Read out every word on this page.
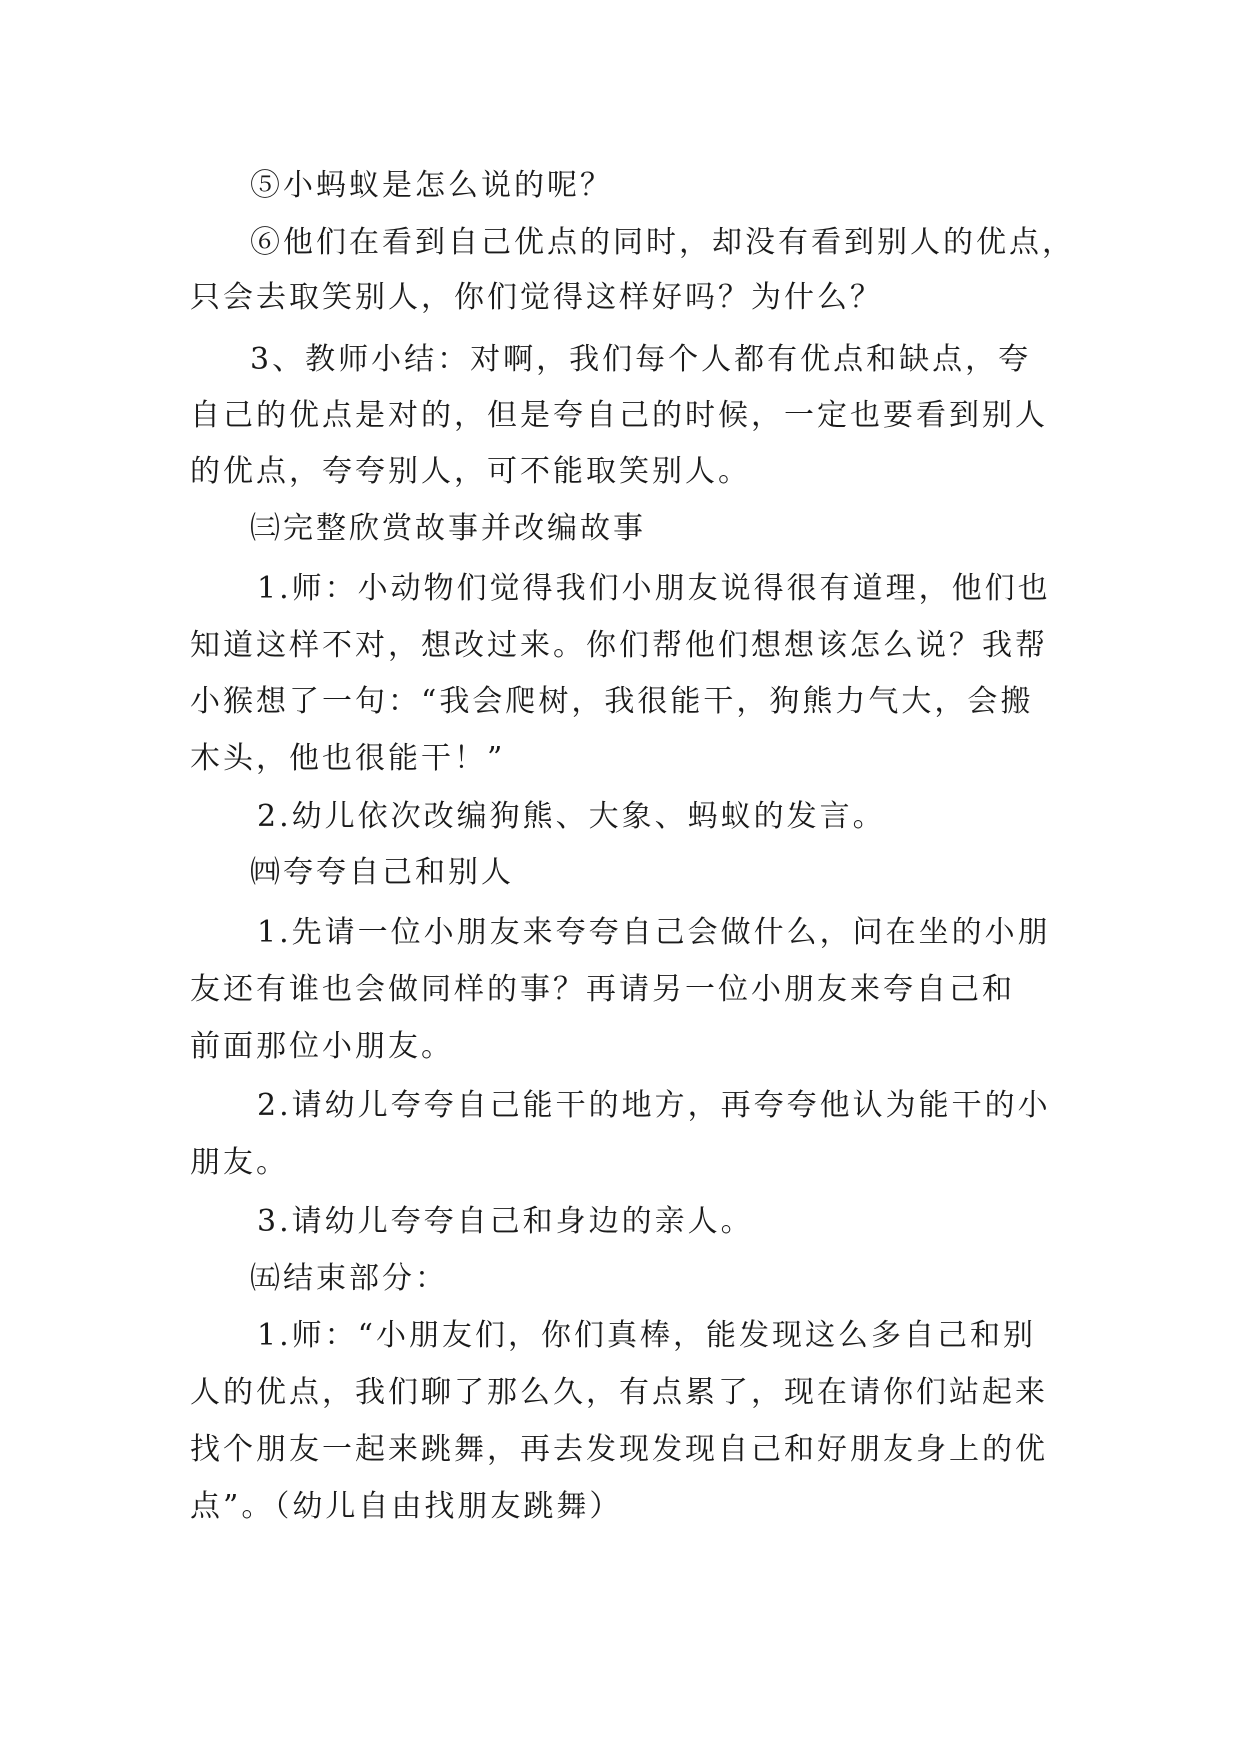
⑤小蚂蚁是怎么说的呢？
⑥他们在看到自己优点的同时，却没有看到别人的优点，
只会去取笑别人，你们觉得这样好吗？为什么？
3、教师小结：对啊，我们每个人都有优点和缺点，夸
自己的优点是对的，但是夸自己的时候，一定也要看到别人
的优点，夸夸别人，可不能取笑别人。
㈢完整欣赏故事并改编故事
1.师：小动物们觉得我们小朋友说得很有道理，他们也
知道这样不对，想改过来。你们帮他们想想该怎么说？我帮
小猴想了一句：“我会爬树，我很能干，狗熊力气大，会搬
木头，他也很能干！”
2.幼儿依次改编狗熊、大象、蚂蚁的发言。
㈣夸夸自己和别人
1.先请一位小朋友来夸夸自己会做什么，问在坐的小朋
友还有谁也会做同样的事？再请另一位小朋友来夸自己和
前面那位小朋友。
2.请幼儿夸夸自己能干的地方，再夸夸他认为能干的小
朋友。
3.请幼儿夸夸自己和身边的亲人。
㈤结束部分：
1.师：“小朋友们，你们真棒，能发现这么多自己和别
人的优点，我们聊了那么久，有点累了，现在请你们站起来
找个朋友一起来跳舞，再去发现发现自己和好朋友身上的优
点”。（幼儿自由找朋友跳舞）
